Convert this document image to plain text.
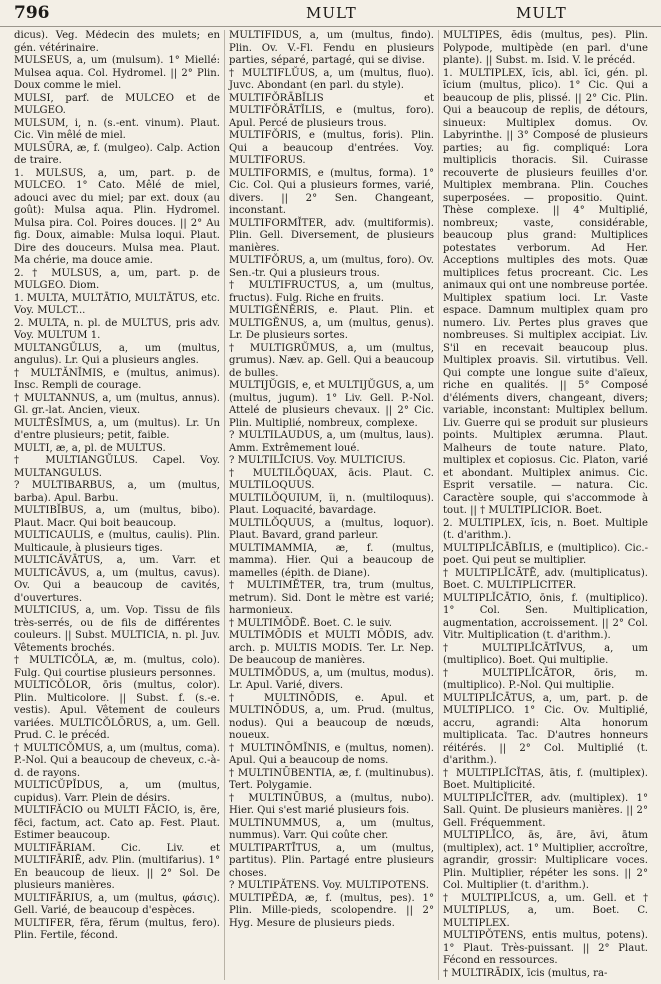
796	MULT	MULT

dicus). Veg. Médecin des mulets; en gén. vétérinaire.

MULSEUS, a, um (mulsum). 1° Miellé: Mulsea aqua. Col. Hydromel. || 2° Plin. Doux comme le miel.

MULSI, parf. de MULCEO et de MULGEO.

MULSUM, i, n. (s.-ent. vinum). Plaut. Cic. Vin mêlé de miel.

MULSŪRA, æ, f. (mulgeo). Calp. Action de traire.

1. MULSUS, a, um, part. p. de MULCEO. 1° Cato. Mêlé de miel, adouci avec du miel; par ext. doux (au goût): Mulsa aqua. Plin. Hydromel. Mulsa pira. Col. Poires douces. || 2° Au fig. Doux, aimable: Mulsa loqui. Plaut. Dire des douceurs. Mulsa mea. Plaut. Ma chérie, ma douce amie.

2. † MULSUS, a, um, part. p. de MULGEO. Diom.

1. MULTA, MULTĀTIO, MULTĀTUS, etc. Voy. MULCT...

2. MULTA, n. pl. de MULTUS, pris adv. Voy. MULTUM 1.

MULTANGŬLUS, a, um (multus, angulus). Lr. Qui a plusieurs angles.

† MULTĂNĬMIS, e (multus, animus). Insc. Rempli de courage.

† MULTANNUS, a, um (multus, annus). Gl. gr.-lat. Ancien, vieux.

MULTĒSĬMUS, a, um (multus). Lr. Un d'entre plusieurs; petit, faible.

MULTI, æ, a, pl. de MULTUS.

† MULTIANGŬLUS. Capel. Voy. MULTANGULUS.

? MULTIBARBUS, a, um (multus, barba). Apul. Barbu.

MULTIBĬBUS, a, um (multus, bibo). Plaut. Macr. Qui boit beaucoup.

MULTICAULIS, e (multus, caulis). Plin. Multicaule, à plusieurs tiges.

MULTICĂVĀTUS, a, um. Varr. et MULTICĂVUS, a, um (multus, cavus). Ov. Qui a beaucoup de cavités, d'ouvertures.

MULTICIUS, a, um. Vop. Tissu de fils très-serrés, ou de fils de différentes couleurs. || Subst. MULTICIA, n. pl. Juv. Vêtements brochés.

† MULTICŎLA, æ, m. (multus, colo). Fulg. Qui courtise plusieurs personnes.

MULTICŎLOR, ōris (multus, color). Plin. Multicolore. || Subst. f. (s.-e. vestis). Apul. Vêtement de couleurs variées. MULTICŎLŌRUS, a, um. Gell. Prud. C. le précéd.

† MULTICŎMUS, a, um (multus, coma). P.-Nol. Qui a beaucoup de cheveux, c.-à-d. de rayons.

MULTICŬPĬDUS, a, um (multus, cupidus). Varr. Plein de désirs.

MULTIFĂCIO ou MULTI FĂCIO, is, ēre, fēci, factum, act. Cato ap. Fest. Plaut. Estimer beaucoup.

MULTIFĀRIAM. Cic. Liv. et MULTIFĀRIĒ, adv. Plin. (multifarius). 1° En beaucoup de lieux. || 2° Sol. De plusieurs manières.

MULTIFĀRIUS, a, um (multus, φάσις). Gell. Varié, de beaucoup d'espèces.

MULTIFER, fĕra, fĕrum (multus, fero). Plin. Fertile, fécond.

MULTIFĬDUS, a, um (multus, findo). Plin. Ov. V.-Fl. Fendu en plusieurs parties, séparé, partagé, qui se divise.

† MULTIFLŬUS, a, um (multus, fluo). Juvc. Abondant (en parl. du style).

MULTIFŎRĀBĬLIS et MULTIFŎRĀTĬLIS, e (multus, foro). Apul. Percé de plusieurs trous.

MULTIFŎRIS, e (multus, foris). Plin. Qui a beaucoup d'entrées. Voy. MULTIFORUS.

MULTIFORMIS, e (multus, forma). 1° Cic. Col. Qui a plusieurs formes, varié, divers. || 2° Sen. Changeant, inconstant.

MULTIFORMĬTER, adv. (multiformis). Plin. Gell. Diversement, de plusieurs manières.

MULTIFŎRUS, a, um (multus, foro). Ov. Sen.-tr. Qui a plusieurs trous.

† MULTIFRUCTUS, a, um (multus, fructus). Fulg. Riche en fruits.

MULTIGĔNĔRIS, e. Plaut. Plin. et MULTIGĔNUS, a, um (multus, genus). Lr. De plusieurs sortes.

† MULTIGRŬMUS, a, um (multus, grumus). Næv. ap. Gell. Qui a beaucoup de bulles.

MULTIJŬGIS, e, et MULTIJŬGUS, a, um (multus, jugum). 1° Liv. Gell. P.-Nol. Attelé de plusieurs chevaux. || 2° Cic. Plin. Multiplié, nombreux, complexe.

? MULTILAUDUS, a, um (multus, laus). Amm. Extrêmement loué.

? MULTILĪCIUS. Voy. MULTICIUS.

† MULTILŎQUAX, ācis. Plaut. C. MULTILOQUUS.

MULTILŎQUIUM, ĭi, n. (multiloquus). Plaut. Loquacité, bavardage.

MULTILŎQUUS, a (multus, loquor). Plaut. Bavard, grand parleur.

MULTIMAMMIA, æ, f. (multus, mamma). Hier. Qui a beaucoup de mamelles (épith. de Diane).

† MULTIMĔTER, tra, trum (multus, metrum). Sid. Dont le mètre est varié; harmonieux.

† MULTIMŌDĒ. Boet. C. le suiv.

MULTIMŌDIS et MULTI MŌDIS, adv. arch. p. MULTIS MODIS. Ter. Lr. Nep. De beaucoup de manières.

MULTIMŎDUS, a, um (multus, modus). Lr. Apul. Varié, divers.

† MULTINŌDIS, e. Apul. et MULTINŌDUS, a, um. Prud. (multus, nodus). Qui a beaucoup de nœuds, noueux.

† MULTINŌMĬNIS, e (multus, nomen). Apul. Qui a beaucoup de noms.

† MULTINŪBENTIA, æ, f. (multinubus). Tert. Polygamie.

† MULTINŪBUS, a (multus, nubo). Hier. Qui s'est marié plusieurs fois.

MULTINUMMUS, a, um (multus, nummus). Varr. Qui coûte cher.

MULTIPARTĪTUS, a, um (multus, partitus). Plin. Partagé entre plusieurs choses.

? MULTIPĂTENS. Voy. MULTIPOTENS.

MULTIPĔDA, æ, f. (multus, pes). 1° Plin. Mille-pieds, scolopendre. || 2° Hyg. Mesure de plusieurs pieds.

MULTIPĔS, ĕdis (multus, pes). Plin. Polypode, multipède (en parl. d'une plante). || Subst. m. Isid. V. le précéd.

1. MULTIPLEX, ĭcis, abl. ĭci, gén. pl. ĭcium (multus, plico). 1° Cic. Qui a beaucoup de plis, plissé. || 2° Cic. Plin. Qui a beaucoup de replis, de détours, sinueux: Multiplex domus. Ov. Labyrinthe. || 3° Composé de plusieurs parties; au fig. compliqué: Lora multiplicis thoracis. Sil. Cuirasse recouverte de plusieurs feuilles d'or. Multiplex membrana. Plin. Couches superposées. — propositio. Quint. Thèse complexe. || 4° Multiplié, nombreux; vaste, considérable, beaucoup plus grand: Multiplices potestates verborum. Ad Her. Acceptions multiples des mots. Quæ multiplices fetus procreant. Cic. Les animaux qui ont une nombreuse portée. Multiplex spatium loci. Lr. Vaste espace. Damnum multiplex quam pro numero. Liv. Pertes plus graves que nombreuses. Si multiplex accipiat. Liv. S'il en recevait beaucoup plus. Multiplex proavis. Sil. virtutibus. Vell. Qui compte une longue suite d'aïeux, riche en qualités. || 5° Composé d'éléments divers, changeant, divers; variable, inconstant: Multiplex bellum. Liv. Guerre qui se produit sur plusieurs points. Multiplex ærumna. Plaut. Malheurs de toute nature. Plato, multiplex et copiosus. Cic. Platon, varié et abondant. Multiplex animus. Cic. Esprit versatile. — natura. Cic. Caractère souple, qui s'accommode à tout. || † MULTIPLICIOR. Boet.

2. MULTIPLEX, ĭcis, n. Boet. Multiple (t. d'arithm.).

MULTIPLĬCĀBĬLIS, e (multiplico). Cic.-poet. Qui peut se multiplier.

† MULTIPLĬCĀTĒ, adv. (multiplicatus). Boet. C. MULTIPLICITER.

MULTIPLĬCĀTIO, ōnis, f. (multiplico). 1° Col. Sen. Multiplication, augmentation, accroissement. || 2° Col. Vitr. Multiplication (t. d'arithm.).

† MULTIPLĬCĀTĪVUS, a, um (multiplico). Boet. Qui multiplie.

† MULTIPLĬCĀTOR, ōris, m. (multiplico). P.-Nol. Qui multiplie.

MULTIPLĬCĀTUS, a, um, part. p. de MULTIPLICO. 1° Cic. Ov. Multiplié, accru, agrandi: Alta honorum multiplicata. Tac. D'autres honneurs réitérés. || 2° Col. Multiplié (t. d'arithm.).

† MULTIPLĬCĬTAS, ātis, f. (multiplex). Boet. Multiplicité.

MULTIPLĬCĬTER, adv. (multiplex). 1° Sall. Quint. De plusieurs manières. || 2° Gell. Fréquemment.

MULTIPLĬCO, ās, āre, āvi, ātum (multiplex), act. 1° Multiplier, accroître, agrandir, grossir: Multiplicare voces. Plin. Multiplier, répéter les sons. || 2° Col. Multiplier (t. d'arithm.).

† MULTIPLĬCUS, a, um. Gell. et † MULTIPLUS, a, um. Boet. C. MULTIPLEX.

MULTIPŎTENS, entis multus, potens). 1° Plaut. Très-puissant. || 2° Plaut. Fécond en ressources.

† MULTIRĀDIX, īcis (multus, ra-
